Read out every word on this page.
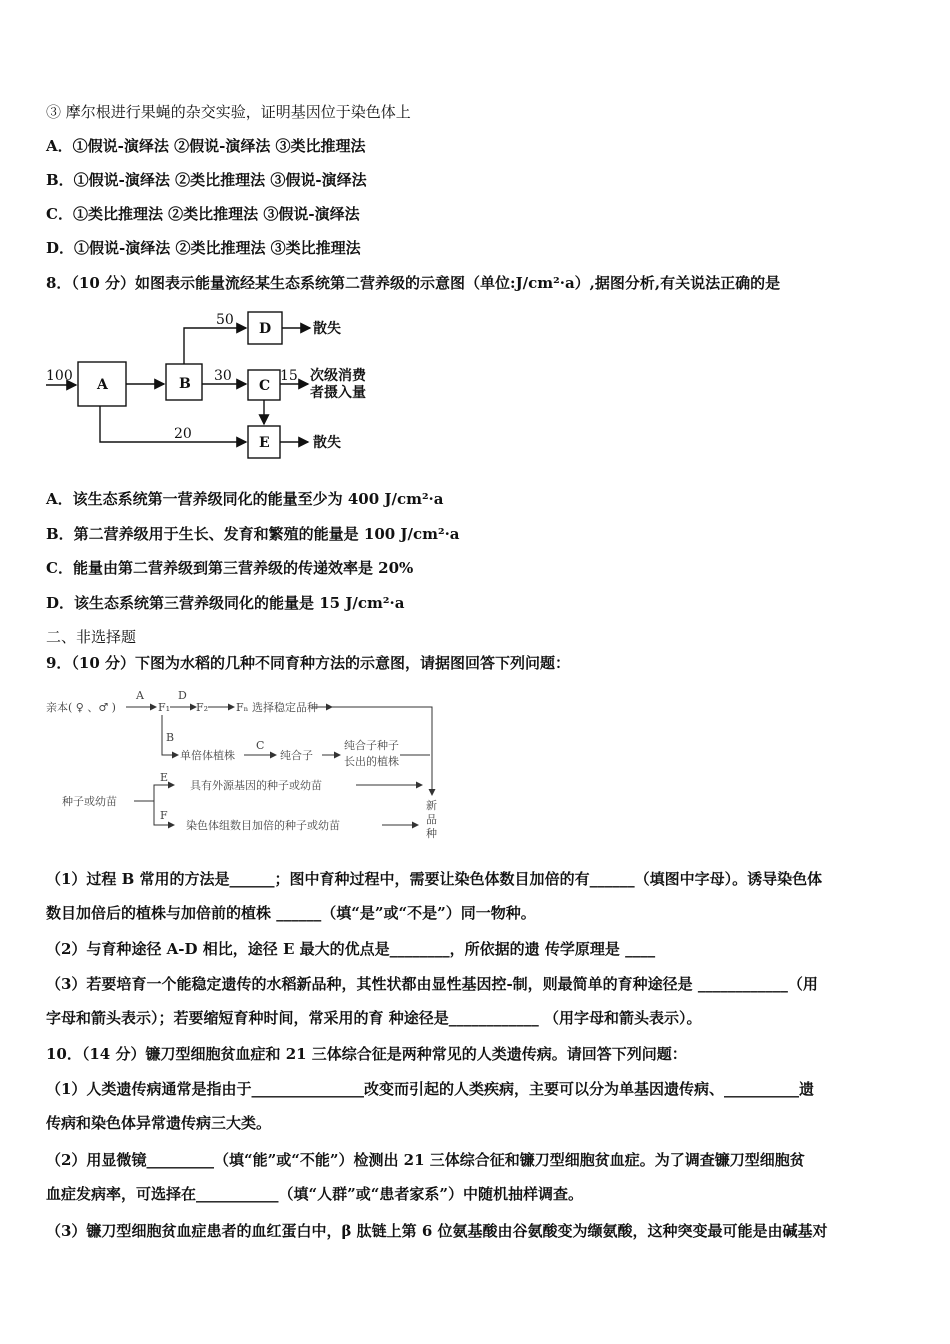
③ 摩尔根进行果蝇的杂交实验，证明基因位于染色体上
A．①假说-演绎法 ②假说-演绎法 ③类比推理法
B．①假说-演绎法 ②类比推理法 ③假说-演绎法
C．①类比推理法 ②类比推理法 ③假说-演绎法
D．①假说-演绎法 ②类比推理法 ③类比推理法
8．（10 分）如图表示能量流经某生态系统第二营养级的示意图（单位:J/cm²·a）,据图分析,有关说法正确的是
100
A	B
D
C
E
50
30	15
20
散失
次级消费
者摄入量
散失
A．该生态系统第一营养级同化的能量至少为 400 J/cm²·a
B．第二营养级用于生长、发育和繁殖的能量是 100 J/cm²·a
C．能量由第二营养级到第三营养级的传递效率是 20%
D．该生态系统第三营养级同化的能量是 15 J/cm²·a
二、非选择题
9．（10 分）下图为水稻的几种不同育种方法的示意图，请据图回答下列问题：
亲本( ♀ 、♂ )
A
F₁
D
F₂	Fₙ 选择稳定品种
B
单倍体植株
C
纯合子
纯合子种子
长出的植株
种子或幼苗
E
具有外源基因的种子或幼苗
F
染色体组数目加倍的种子或幼苗
新
品
种
（1）过程 B 常用的方法是______；图中育种过程中，需要让染色体数目加倍的有______（填图中字母）。诱导染色体
数目加倍后的植株与加倍前的植株 ______（填“是”或“不是”）同一物种。
（2）与育种途径 A-D 相比，途径 E 最大的优点是________，所依据的遗 传学原理是 ____
（3）若要培育一个能稳定遗传的水稻新品种，其性状都由显性基因控-制，则最简单的育种途径是 ____________（用
字母和箭头表示）；若要缩短育种时间，常采用的育 种途径是____________ （用字母和箭头表示）。
10．（14 分）镰刀型细胞贫血症和 21 三体综合征是两种常见的人类遗传病。请回答下列问题：
（1）人类遗传病通常是指由于_______________改变而引起的人类疾病，主要可以分为单基因遗传病、__________遗
传病和染色体异常遗传病三大类。
（2）用显微镜_________（填“能”或“不能”）检测出 21 三体综合征和镰刀型细胞贫血症。为了调查镰刀型细胞贫
血症发病率，可选择在___________（填“人群”或“患者家系”）中随机抽样调查。
（3）镰刀型细胞贫血症患者的血红蛋白中，β 肽链上第 6 位氨基酸由谷氨酸变为缬氨酸，这种突变最可能是由碱基对
